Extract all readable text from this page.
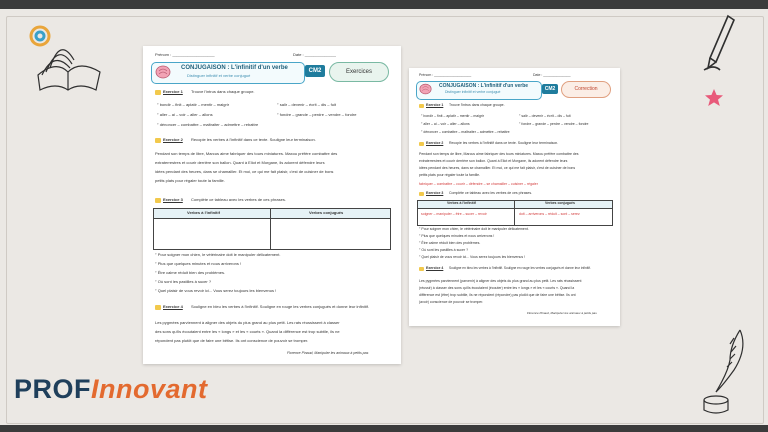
Prénom : ___________________	Date : ______________
CONJUGAISON : L'infinitif d'un verbe
Distinguer infinitif et verbe conjugué
CM2	Exercices
Exercice 1 Trouve l'intrus dans chaque groupe.
° bondir – finit – aplatir – mentir – maigrir
° aller – ai – voir – aller – allons
° dénoncer – combattre – maltraiter – admettre – rebattre
° salir – devenir – écrit – dis – fuit
° fondre – grande – perdre – vendre – fondre
Exercice 2 Recopie les verbes à l'infinitif dans ce texte. Souligne leur terminaison.
Pendant son temps de libre, Marcus aime fabriquer des tours miniatures. Maxou préfère combattre des
extraterrestres et courir derrière son ballon. Quant à Eliot et Morgane, ils adorent défendre leurs
idées pendant des heures, dans se chamailler. Et moi, ce qui me fait plaisir, c'est de cuisiner de bons
petits plats pour régaler toute la famille.
Exercice 3 Complète ce tableau avec les verbes de ces phrases.
Verbes à l'infinitif	Verbes conjugués
° Pour soigner mon chien, le vétérinaire doit le manipuler délicatement.
° Plus que quelques minutes et nous arriverons !
° Être calme réduit bien des problèmes.
° Où sont les pastilles à sucer ?
° Quel plaisir de vous revoir ici... Vous serez toujours les bienvenus !
Exercice 4 Souligne en bleu les verbes à l'infinitif. Souligne en rouge les verbes conjugués et donne leur infinitif.
Les pygmées parviennent à aligner des objets du plus grand au plus petit. Les rats réussissent à classer
des sons qu'ils écoutaient entre les « longs » et les « courts ». Quand la différence est trop subtile, ils ne
répondent pas plutôt que de faire une bêtise. Ils ont conscience de pouvoir se tromper.
Florence Pinaud, Manipuler les animaux à petits pas
Prénom : ___________________	Date : ______________
CONJUGAISON : L'infinitif d'un verbe
Distinguer infinitif et verbe conjugué	CM2	Correction
Exercice 1 Trouve l'intrus dans chaque groupe.
° bondir – finit – aplatir – mentir – maigrir
° aller – ai – voir – aller – allons
° dénoncer – combattre – maltraiter – admettre – rebattre
° salir – devenir – écrit – dis – fuit
° fondre – grande – perdre – vendre – fondre
Exercice 2 Recopie les verbes à l'infinitif dans ce texte. Souligne leur terminaison.
Pendant son temps de libre, Marcus aime fabriquer des tours miniatures. Maxou préfère combattre des
extraterrestres et courir derrière son ballon. Quant à Eliot et Morgane, ils adorent défendre leurs
idées pendant des heures, dans se chamailler. Et moi, ce qui me fait plaisir, c'est de cuisiner de bons
petits plats pour régaler toute la famille.
fabriquer – combattre – courir – défendre – se chamailler – cuisiner – régaler
Exercice 3 Complète ce tableau avec les verbes de ces phrases.
Verbes à l'infinitif	Verbes conjugués
soigner – manipuler – être – sucer – revoir	doit – arriverons – réduit – sont – serez
° Pour soigner mon chien, le vétérinaire doit le manipuler délicatement.
° Plus que quelques minutes et nous arriverons !
° Être calme réduit bien des problèmes.
° Où sont les pastilles à sucer ?
° Quel plaisir de vous revoir ici... Vous serez toujours les bienvenus !
Exercice 4 Souligne en bleu les verbes à l'infinitif. Souligne en rouge les verbes conjugués et donne leur infinitif.
Les pygmées parviennent (parvenir) à aligner des objets du plus grand au plus petit. Les rats réussissent
(réussir) à classer des sons qu'ils écoutaient (écouter) entre les « longs » et les « courts ». Quand la
différence est (être) trop subtile, ils ne répondent (répondre) pas plutôt que de faire une bêtise. Ils ont
(avoir) conscience de pouvoir se tromper.
Florence Pinaud, Manipuler les animaux à petits pas
PROFInnovant
